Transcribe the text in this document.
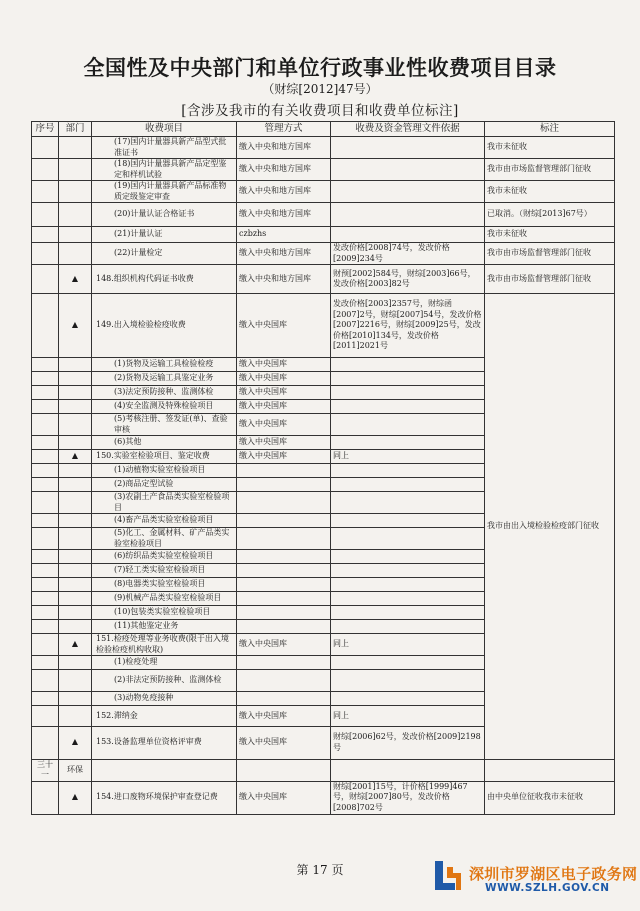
全国性及中央部门和单位行政事业性收费项目目录
（财综[2012]47号）
[含涉及我市的有关收费项目和收费单位标注]
序号	部门	收费项目	管理方式	收费及资金管理文件依据	标注	
		(17)国内计量器具新产品型式批准证书	缴入中央和地方国库		我市未征收	
		(18)国内计量器具新产品定型鉴定和样机试验	缴入中央和地方国库		我市由市场监督管理部门征收	
		(19)国内计量器具新产品标准物质定级鉴定审查	缴入中央和地方国库		我市未征收	
		(20)计量认证合格证书	缴入中央和地方国库		已取消。（财综[2013]67号）	
		(21)计量认证	czbzhs		我市未征收	
		(22)计量检定	缴入中央和地方国库	发改价格[2008]74号，发改价格[2009]234号	我市由市场监督管理部门征收	
	▲	148.组织机构代码证书收费	缴入中央和地方国库	财预[2002]584号，财综[2003]66号，发改价格[2003]82号	我市由市场监督管理部门征收	
	▲	149.出入境检验检疫收费	缴入中央国库	发改价格[2003]2357号，财综函[2007]2号，财综[2007]54号，发改价格[2007]2216号，财综[2009]25号，发改价格[2010]134号，发改价格[2011]2021号	我市由出入境检验检疫部门征收	
		(1)货物及运输工具检验检疫	缴入中央国库			
		(2)货物及运输工具鉴定业务	缴入中央国库			
		(3)法定预防接种、监测体检	缴入中央国库			
		(4)安全监测及特殊检验项目	缴入中央国库			
		(5)考核注册、签发证(单)、查验审核	缴入中央国库			
		(6)其他	缴入中央国库			
	▲	150.实验室检验项目、鉴定收费	缴入中央国库	同上		
		(1)动植物实验室检验项目				
		(2)商品定型试验				
		(3)农副土产食品类实验室检验项目				
		(4)畜产品类实验室检验项目				
		(5)化工、金属材料、矿产品类实验室检验项目				
		(6)纺织品类实验室检验项目				
		(7)轻工类实验室检验项目				
		(8)电器类实验室检验项目				
		(9)机械产品类实验室检验项目				
		(10)包装类实验室检验项目				
		(11)其他鉴定业务				
	▲	151.检疫处理等业务收费(限于出入境检验检疫机构收取)	缴入中央国库	同上		
		(1)检疫处理				
		(2)非法定预防接种、监测体检				
		(3)动物免疫接种				
		152.滞纳金	缴入中央国库	同上	
	▲	153.设备监理单位资格评审费	缴入中央国库	财综[2006]62号，发改价格[2009]2198号		
三十一	环保					
	▲	154.进口废物环境保护审查登记费	缴入中央国库	财综[2001]15号，计价格[1999]467号，财综[2007]80号，发改价格[2008]702号	由中央单位征收我市未征收	
第 17 页	深圳市罗湖区电子政务网
WWW.SZLH.GOV.CN
